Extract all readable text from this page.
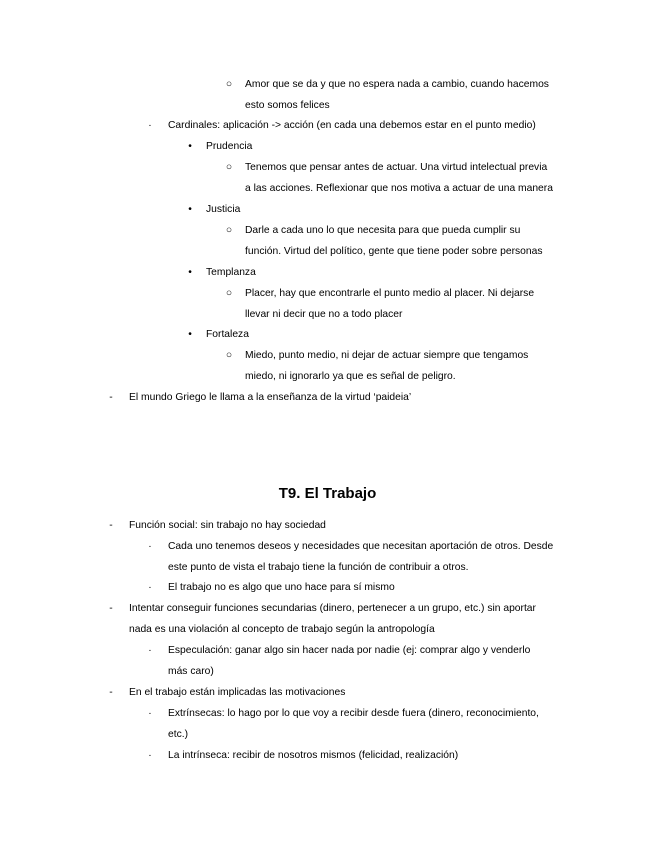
○ Amor que se da y que no espera nada a cambio, cuando hacemos
esto somos felices
·	Cardinales: aplicación -> acción (en cada una debemos estar en el punto medio)
•	Prudencia
○ Tenemos que pensar antes de actuar. Una virtud intelectual previa
a las acciones. Reflexionar que nos motiva a actuar de una manera
•	Justicia
○ Darle a cada uno lo que necesita para que pueda cumplir su
función. Virtud del político, gente que tiene poder sobre personas
•	Templanza
○ Placer, hay que encontrarle el punto medio al placer. Ni dejarse
llevar ni decir que no a todo placer
•	Fortaleza
○ Miedo, punto medio, ni dejar de actuar siempre que tengamos
miedo, ni ignorarlo ya que es señal de peligro.
-	El mundo Griego le llama a la enseñanza de la virtud ‘paideia’
T9. El Trabajo
-	Función social: sin trabajo no hay sociedad
·	Cada uno tenemos deseos y necesidades que necesitan aportación de otros. Desde
este punto de vista el trabajo tiene la función de contribuir a otros.
·	El trabajo no es algo que uno hace para sí mismo
-	Intentar conseguir funciones secundarias (dinero, pertenecer a un grupo, etc.) sin aportar
nada es una violación al concepto de trabajo según la antropología
·	Especulación: ganar algo sin hacer nada por nadie (ej: comprar algo y venderlo
más caro)
-	En el trabajo están implicadas las motivaciones
·	Extrínsecas: lo hago por lo que voy a recibir desde fuera (dinero, reconocimiento,
etc.)
·	La intrínseca: recibir de nosotros mismos (felicidad, realización)
